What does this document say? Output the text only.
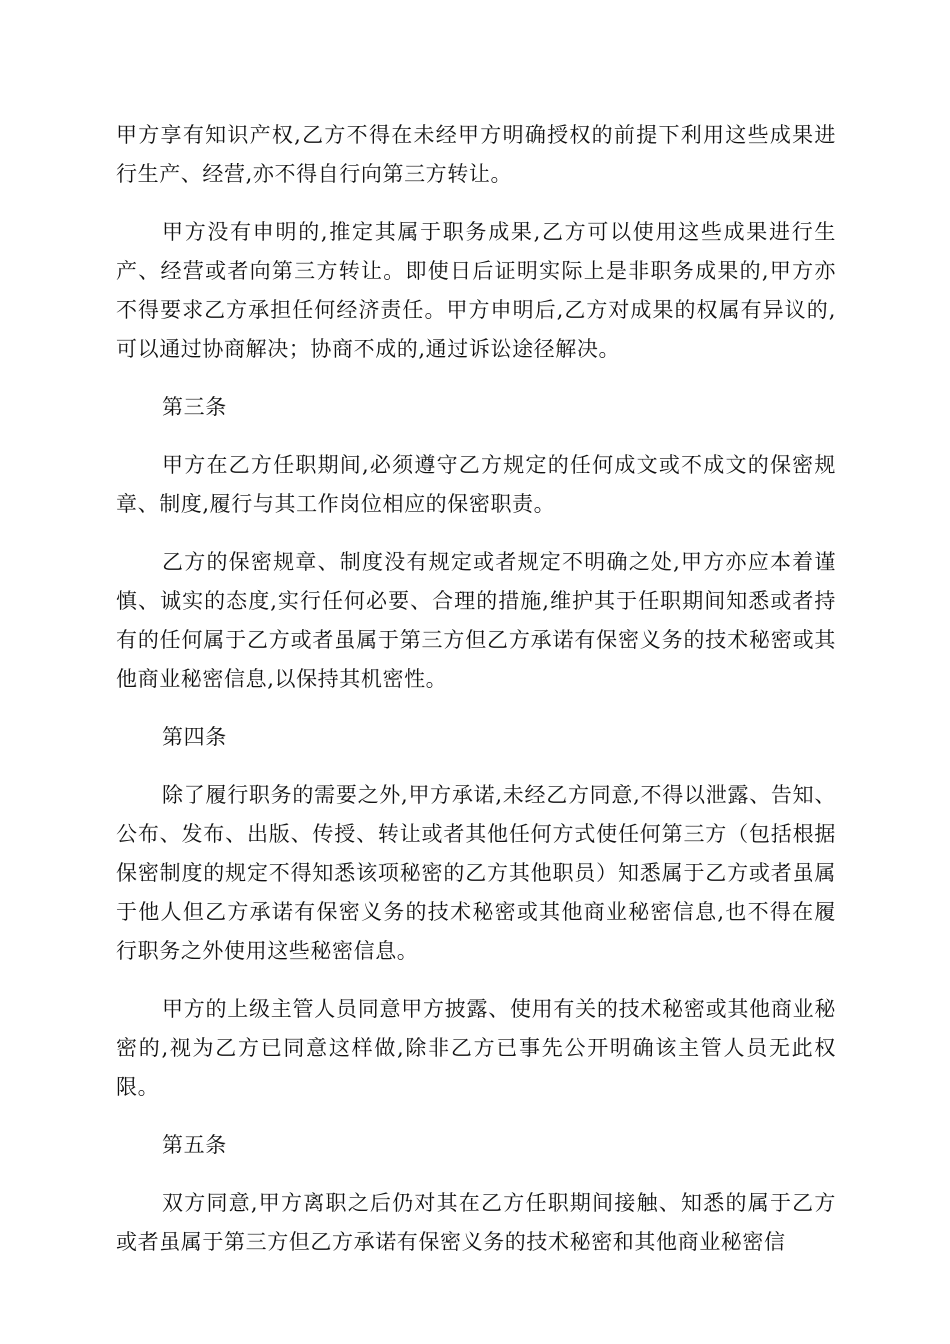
甲方享有知识产权,乙方不得在未经甲方明确授权的前提下利用这些成果进行生产、经营,亦不得自行向第三方转让。

甲方没有申明的,推定其属于职务成果,乙方可以使用这些成果进行生产、经营或者向第三方转让。即使日后证明实际上是非职务成果的,甲方亦不得要求乙方承担任何经济责任。甲方申明后,乙方对成果的权属有异议的,可以通过协商解决；协商不成的,通过诉讼途径解决。

第三条

甲方在乙方任职期间,必须遵守乙方规定的任何成文或不成文的保密规章、制度,履行与其工作岗位相应的保密职责。

乙方的保密规章、制度没有规定或者规定不明确之处,甲方亦应本着谨慎、诚实的态度,实行任何必要、合理的措施,维护其于任职期间知悉或者持有的任何属于乙方或者虽属于第三方但乙方承诺有保密义务的技术秘密或其他商业秘密信息,以保持其机密性。

第四条

除了履行职务的需要之外,甲方承诺,未经乙方同意,不得以泄露、告知、公布、发布、出版、传授、转让或者其他任何方式使任何第三方（包括根据保密制度的规定不得知悉该项秘密的乙方其他职员）知悉属于乙方或者虽属于他人但乙方承诺有保密义务的技术秘密或其他商业秘密信息,也不得在履行职务之外使用这些秘密信息。

甲方的上级主管人员同意甲方披露、使用有关的技术秘密或其他商业秘密的,视为乙方已同意这样做,除非乙方已事先公开明确该主管人员无此权限。

第五条

双方同意,甲方离职之后仍对其在乙方任职期间接触、知悉的属于乙方或者虽属于第三方但乙方承诺有保密义务的技术秘密和其他商业秘密信
